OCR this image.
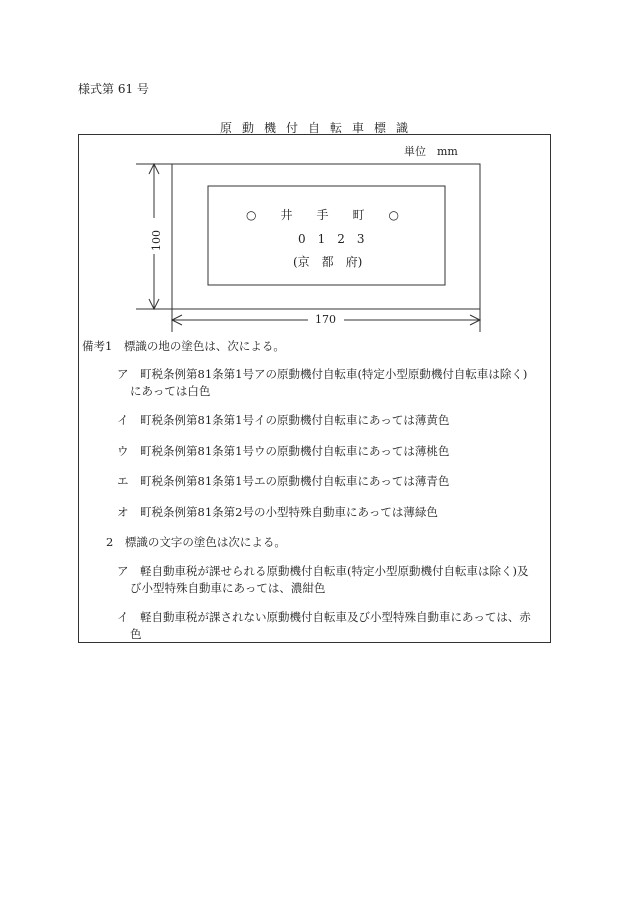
様式第 61 号
原動機付自転車標識
単位　mm
○　　井　　手　　町　　○
0　1　2　3
(京　都　府)
100
170
備考1　標識の地の塗色は、次による。
ア　町税条例第81条第1号アの原動機付自転車(特定小型原動機付自転車は除く)
にあっては白色
イ　町税条例第81条第1号イの原動機付自転車にあっては薄黄色
ウ　町税条例第81条第1号ウの原動機付自転車にあっては薄桃色
エ　町税条例第81条第1号エの原動機付自転車にあっては薄青色
オ　町税条例第81条第2号の小型特殊自動車にあっては薄緑色
2　標識の文字の塗色は次による。
ア　軽自動車税が課せられる原動機付自転車(特定小型原動機付自転車は除く)及
び小型特殊自動車にあっては、濃紺色
イ　軽自動車税が課されない原動機付自転車及び小型特殊自動車にあっては、赤
色
